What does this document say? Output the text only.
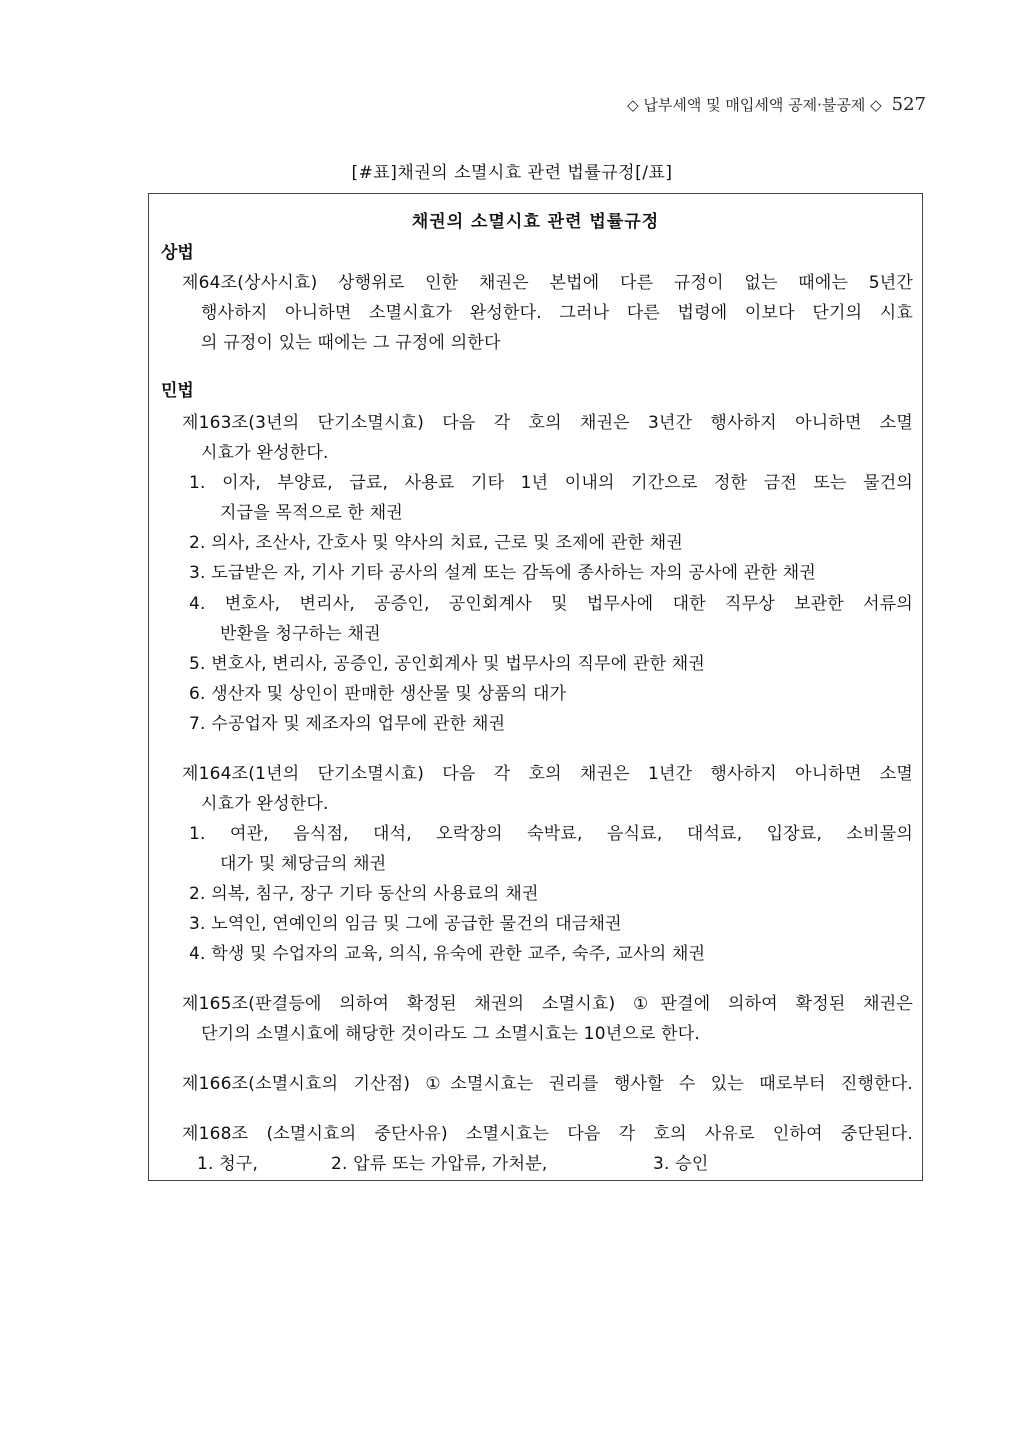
◇ 납부세액 및 매입세액 공제·불공제 ◇ 527
[#표]채권의 소멸시효 관련 법률규정[/표]
채권의 소멸시효 관련 법률규정
상법
제64조(상사시효) 상행위로 인한 채권은 본법에 다른 규정이 없는 때에는 5년간
행사하지 아니하면 소멸시효가 완성한다. 그러나 다른 법령에 이보다 단기의 시효
의 규정이 있는 때에는 그 규정에 의한다
민법
제163조(3년의 단기소멸시효) 다음 각 호의 채권은 3년간 행사하지 아니하면 소멸
시효가 완성한다.
1. 이자, 부양료, 급료, 사용료 기타 1년 이내의 기간으로 정한 금전 또는 물건의
지급을 목적으로 한 채권
2. 의사, 조산사, 간호사 및 약사의 치료, 근로 및 조제에 관한 채권
3. 도급받은 자, 기사 기타 공사의 설계 또는 감독에 종사하는 자의 공사에 관한 채권
4. 변호사, 변리사, 공증인, 공인회계사 및 법무사에 대한 직무상 보관한 서류의
반환을 청구하는 채권
5. 변호사, 변리사, 공증인, 공인회계사 및 법무사의 직무에 관한 채권
6. 생산자 및 상인이 판매한 생산물 및 상품의 대가
7. 수공업자 및 제조자의 업무에 관한 채권
제164조(1년의 단기소멸시효) 다음 각 호의 채권은 1년간 행사하지 아니하면 소멸
시효가 완성한다.
1. 여관, 음식점, 대석, 오락장의 숙박료, 음식료, 대석료, 입장료, 소비물의
대가 및 체당금의 채권
2. 의복, 침구, 장구 기타 동산의 사용료의 채권
3. 노역인, 연예인의 임금 및 그에 공급한 물건의 대금채권
4. 학생 및 수업자의 교육, 의식, 유숙에 관한 교주, 숙주, 교사의 채권
제165조(판결등에 의하여 확정된 채권의 소멸시효) ①판결에 의하여 확정된 채권은
단기의 소멸시효에 해당한 것이라도 그 소멸시효는 10년으로 한다.
제166조(소멸시효의 기산점) ①소멸시효는 권리를 행사할 수 있는 때로부터 진행한다.
제168조 (소멸시효의 중단사유) 소멸시효는 다음 각 호의 사유로 인하여 중단된다.
1. 청구,	2. 압류 또는 가압류, 가처분,	3. 승인
